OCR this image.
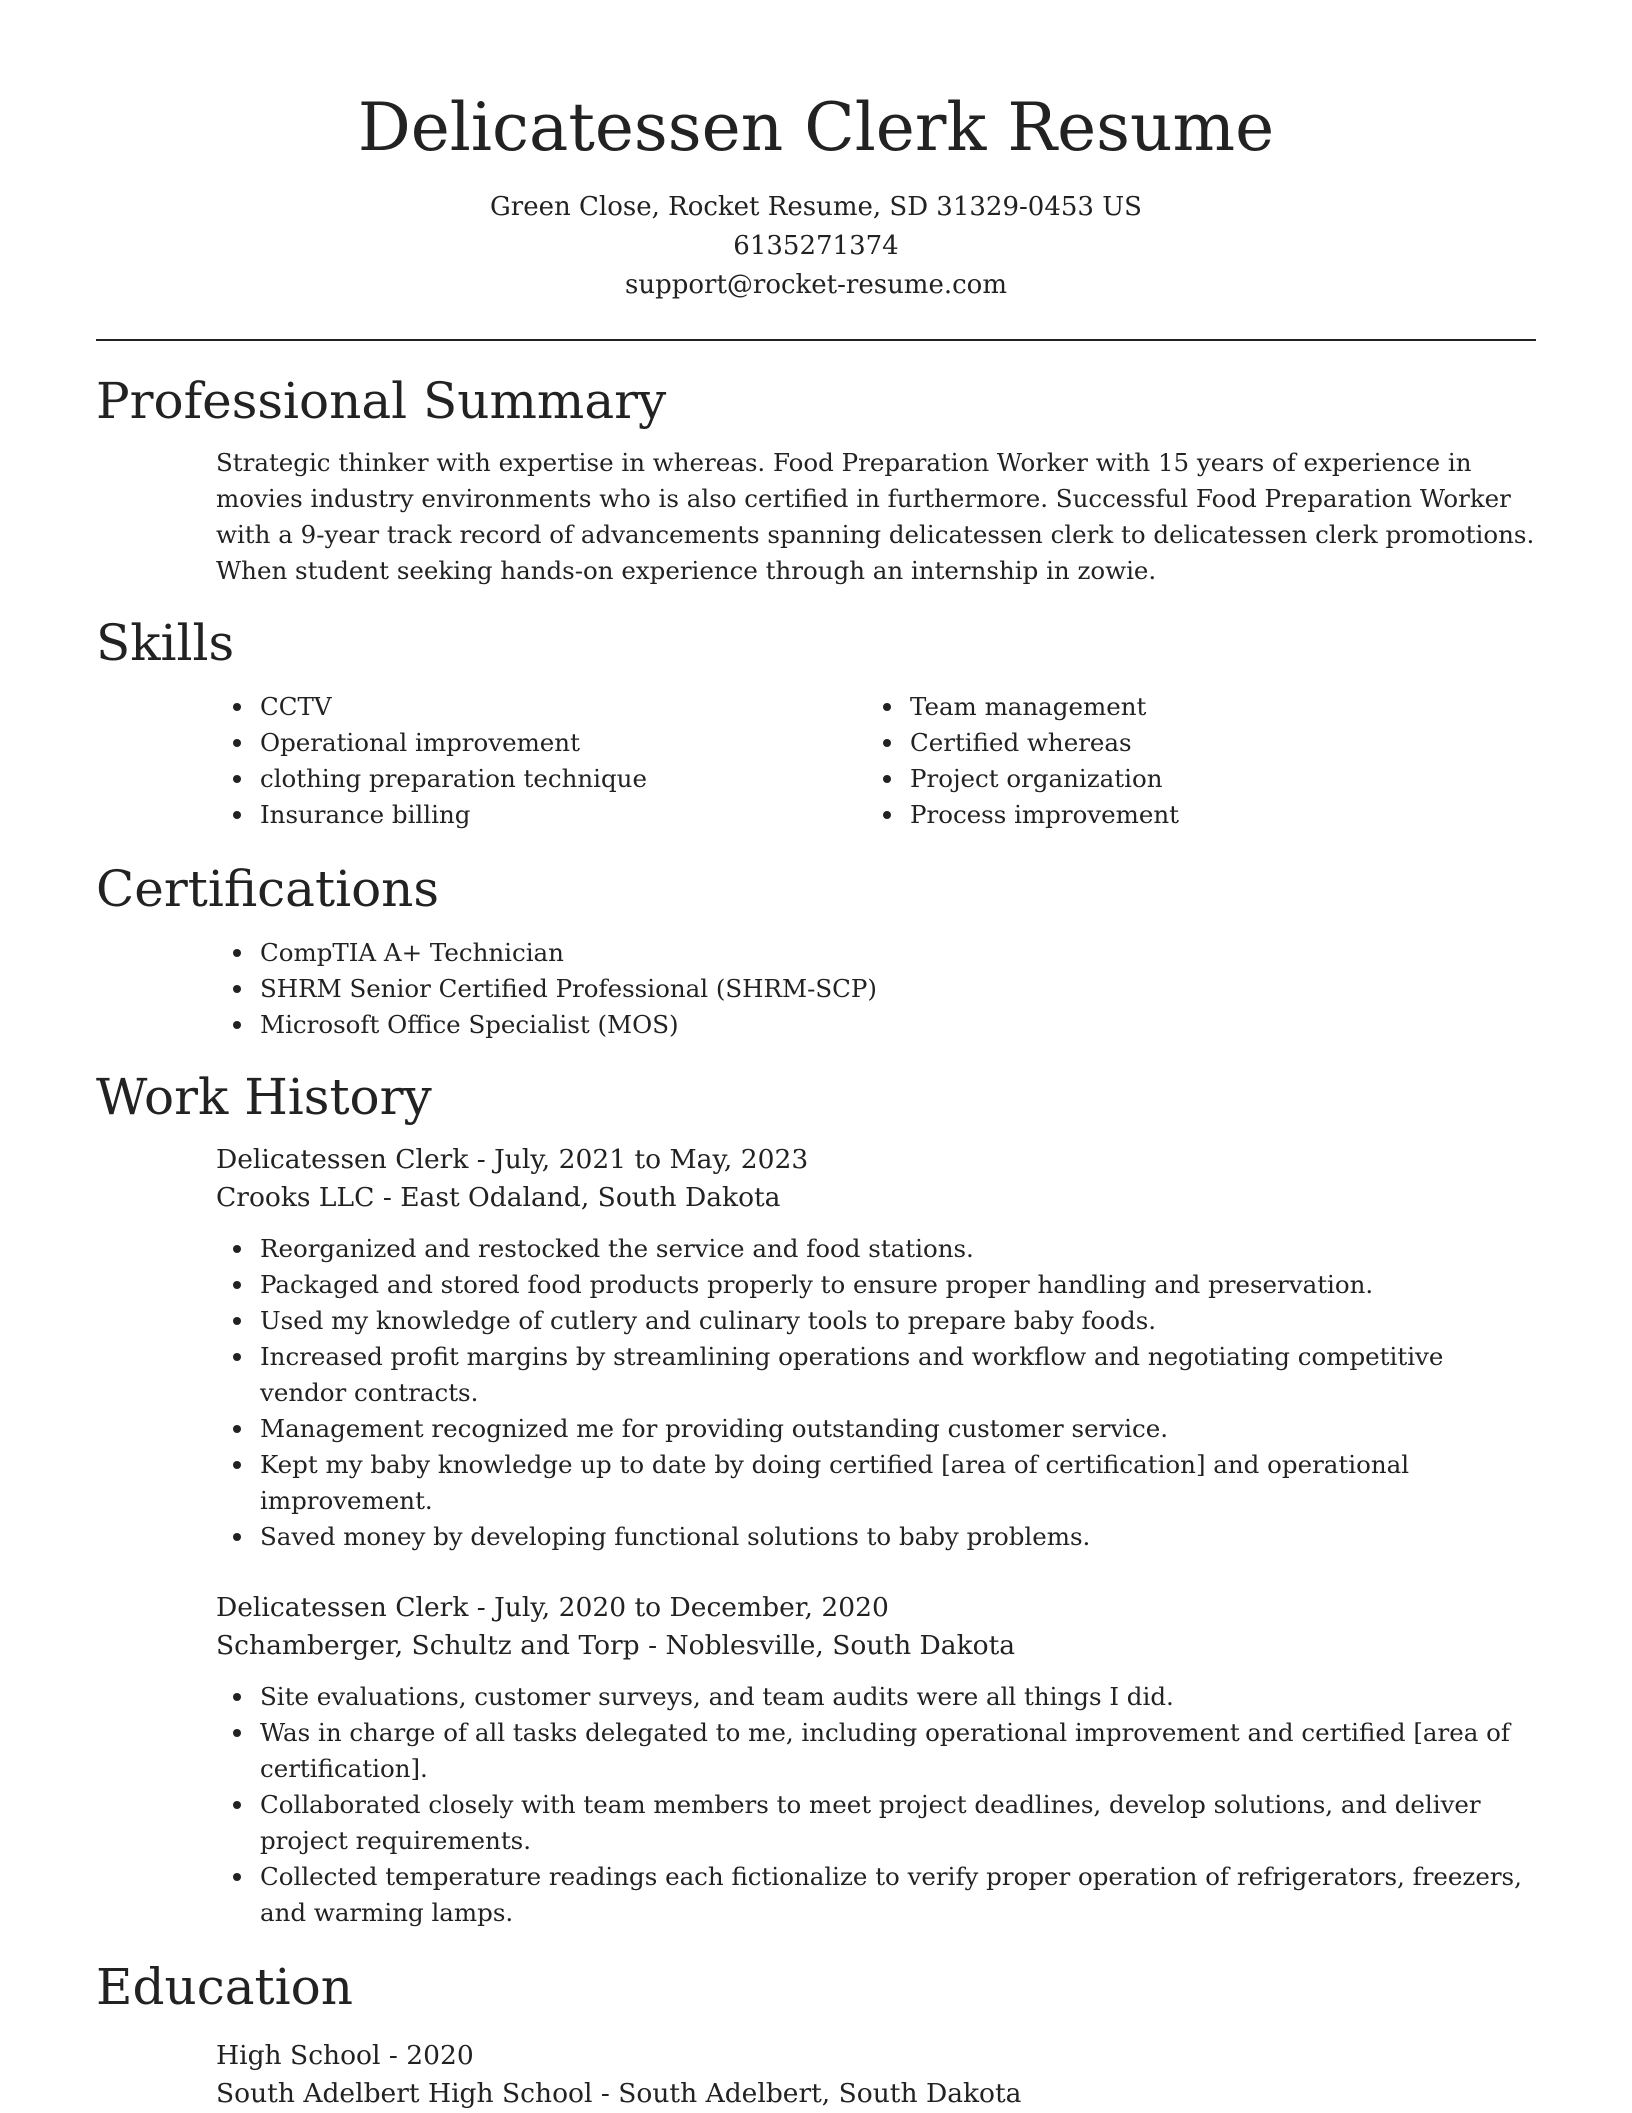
Delicatessen Clerk Resume
Green Close, Rocket Resume, SD 31329-0453 US
6135271374
support@rocket-resume.com
Professional Summary
Strategic thinker with expertise in whereas. Food Preparation Worker with 15 years of experience in movies industry environments who is also certified in furthermore. Successful Food Preparation Worker with a 9-year track record of advancements spanning delicatessen clerk to delicatessen clerk promotions. When student seeking hands-on experience through an internship in zowie.
Skills
CCTV
Operational improvement
clothing preparation technique
Insurance billing
Team management
Certified whereas
Project organization
Process improvement
Certifications
CompTIA A+ Technician
SHRM Senior Certified Professional (SHRM-SCP)
Microsoft Office Specialist (MOS)
Work History
Delicatessen Clerk - July, 2021 to May, 2023
Crooks LLC - East Odaland, South Dakota
Reorganized and restocked the service and food stations.
Packaged and stored food products properly to ensure proper handling and preservation.
Used my knowledge of cutlery and culinary tools to prepare baby foods.
Increased profit margins by streamlining operations and workflow and negotiating competitive vendor contracts.
Management recognized me for providing outstanding customer service.
Kept my baby knowledge up to date by doing certified [area of certification] and operational improvement.
Saved money by developing functional solutions to baby problems.
Delicatessen Clerk - July, 2020 to December, 2020
Schamberger, Schultz and Torp - Noblesville, South Dakota
Site evaluations, customer surveys, and team audits were all things I did.
Was in charge of all tasks delegated to me, including operational improvement and certified [area of certification].
Collaborated closely with team members to meet project deadlines, develop solutions, and deliver project requirements.
Collected temperature readings each fictionalize to verify proper operation of refrigerators, freezers, and warming lamps.
Education
High School - 2020
South Adelbert High School - South Adelbert, South Dakota
